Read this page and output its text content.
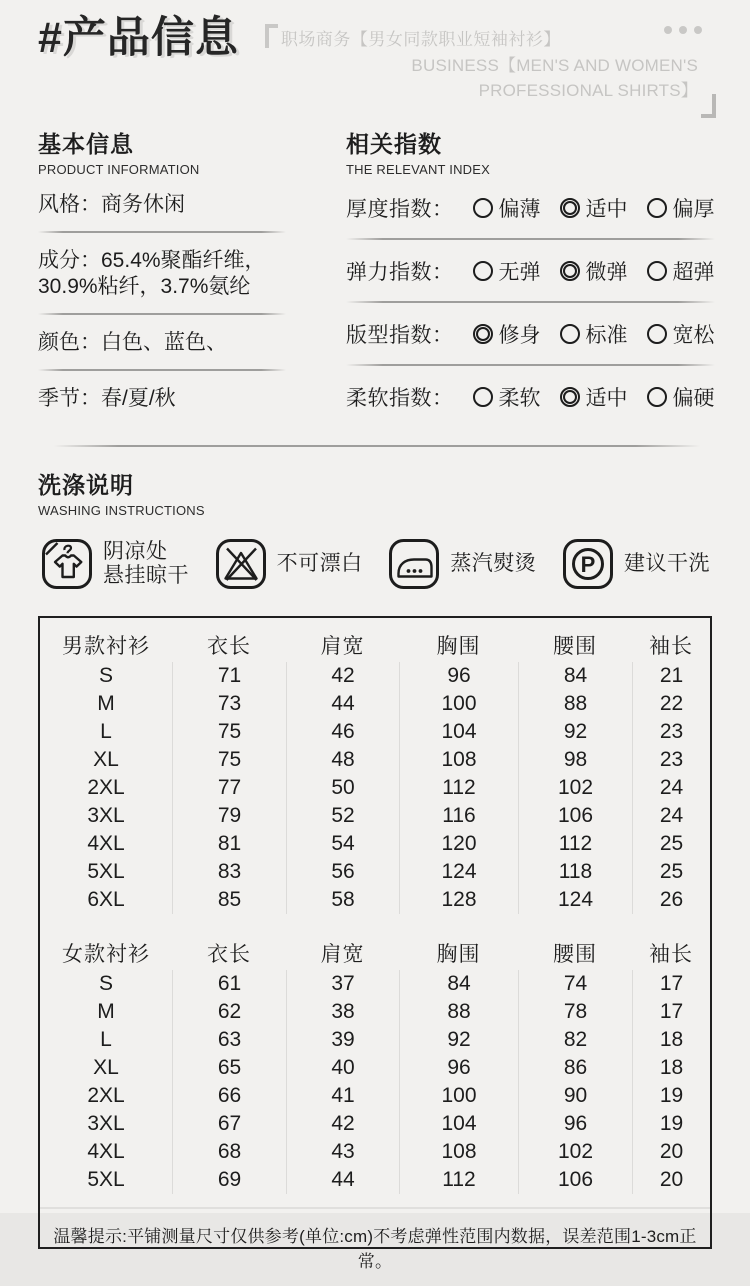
#产品信息 职场商务【男女同款职业短袖衬衫】
BUSINESS【MEN'S AND WOMEN'S PROFESSIONAL SHIRTS】
基本信息
PRODUCT INFORMATION

风格：商务休闲

成分：65.4%聚酯纤维，30.9%粘纤，3.7%氨纶

颜色：白色、蓝色、

季节：春/夏/秋

相关指数
THE RELEVANT INDEX
厚度指数： 偏薄 适中 偏厚
弹力指数： 无弹 微弹 超弹
版型指数： 修身 标准 宽松
柔软指数： 柔软 适中 偏硬
洗涤说明
WASHING INSTRUCTIONS
阴凉处
悬挂晾干
不可漂白	蒸汽熨烫 P 建议干洗
男款衬衫	衣长	肩宽	胸围	腰围	袖长
S	71	42	96	84	21
M	73	44	100	88	22
L	75	46	104	92	23
XL	75	48	108	98	23
2XL	77	50	112	102	24
3XL	79	52	116	106	24
4XL	81	54	120	112	25
5XL	83	56	124	118	25
6XL	85	58	128	124	26
女款衬衫	衣长	肩宽	胸围	腰围	袖长
S	61	37	84	74	17
M	62	38	88	78	17
L	63	39	92	82	18
XL	65	40	96	86	18
2XL	66	41	100	90	19
3XL	67	42	104	96	19
4XL	68	43	108	102	20
5XL	69	44	112	106	20
温馨提示:平铺测量尺寸仅供参考(单位:cm)不考虑弹性范围内数据，误差范围1-3cm正常。
